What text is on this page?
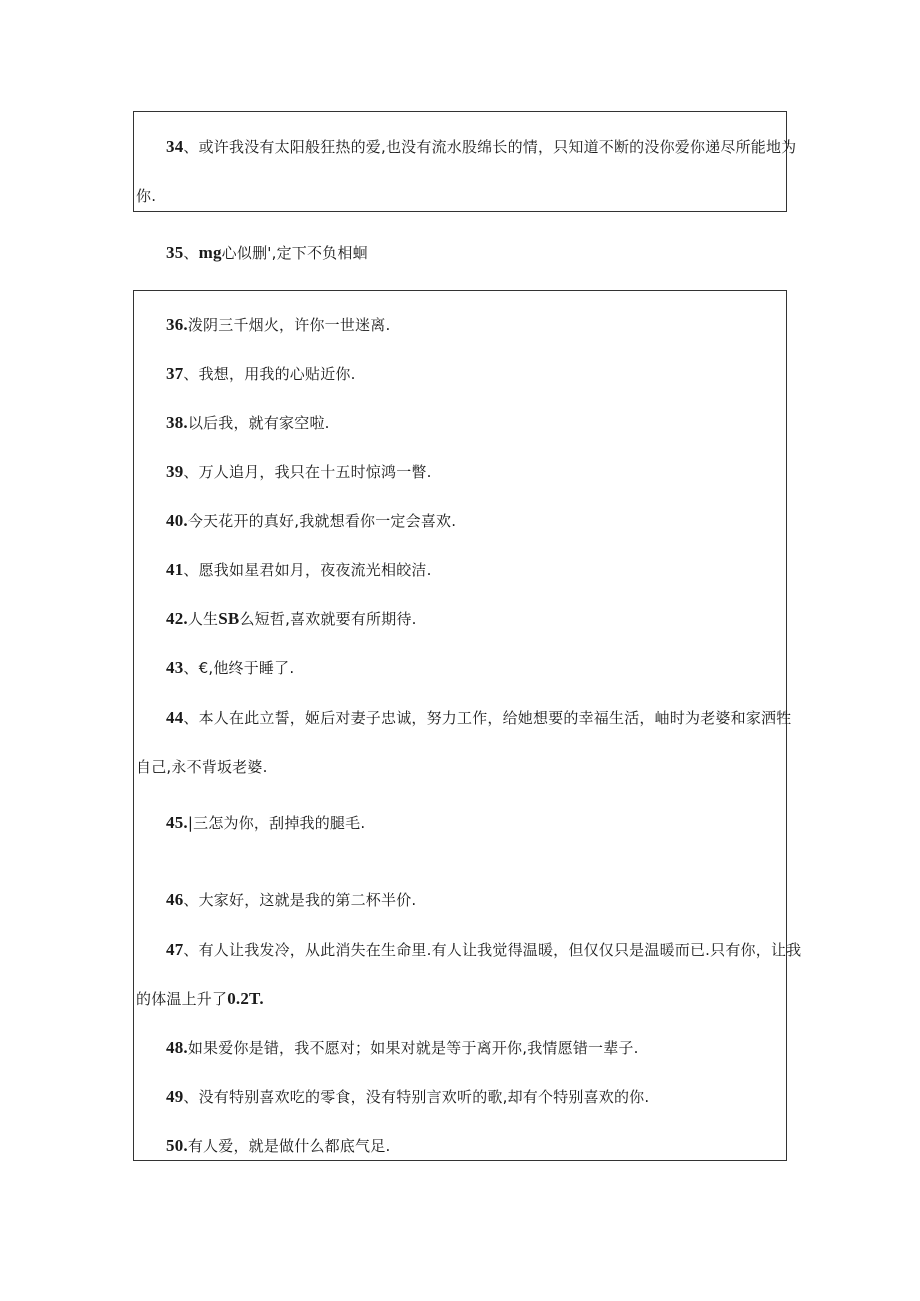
34、或许我没有太阳般狂热的爱,也没有流水股绵长的情，只知道不断的没你爱你递尽所能地为
你.
35、mg心似删',定下不负相蛔
36.泼阴三千烟火，许你一世迷离.
37、我想，用我的心贴近你.
38.以后我，就有家空啦.
39、万人追月，我只在十五时惊鸿一瞥.
40.今天花开的真好,我就想看你一定会喜欢.
41、愿我如星君如月，夜夜流光相皎洁.
42.人生SB么短哲,喜欢就要有所期待.
43、€,他终于睡了.
44、本人在此立誓，姬后对妻子忠诚，努力工作，给她想要的幸福生活，岫时为老婆和家洒牲
自己,永不背坂老婆.
45.|三怎为你，刮掉我的腿毛.
46、大家好，这就是我的第二杯半价.
47、有人让我发冷，从此消失在生命里.有人让我觉得温暖，但仅仅只是温暖而已.只有你，让我
的体温上升了0.2T.
48.如果爱你是错，我不愿对；如果对就是等于离开你,我情愿错一辈子.
49、没有特别喜欢吃的零食，没有特别言欢听的歌,却有个特别喜欢的你.
50.有人爱，就是做什么都底气足.
